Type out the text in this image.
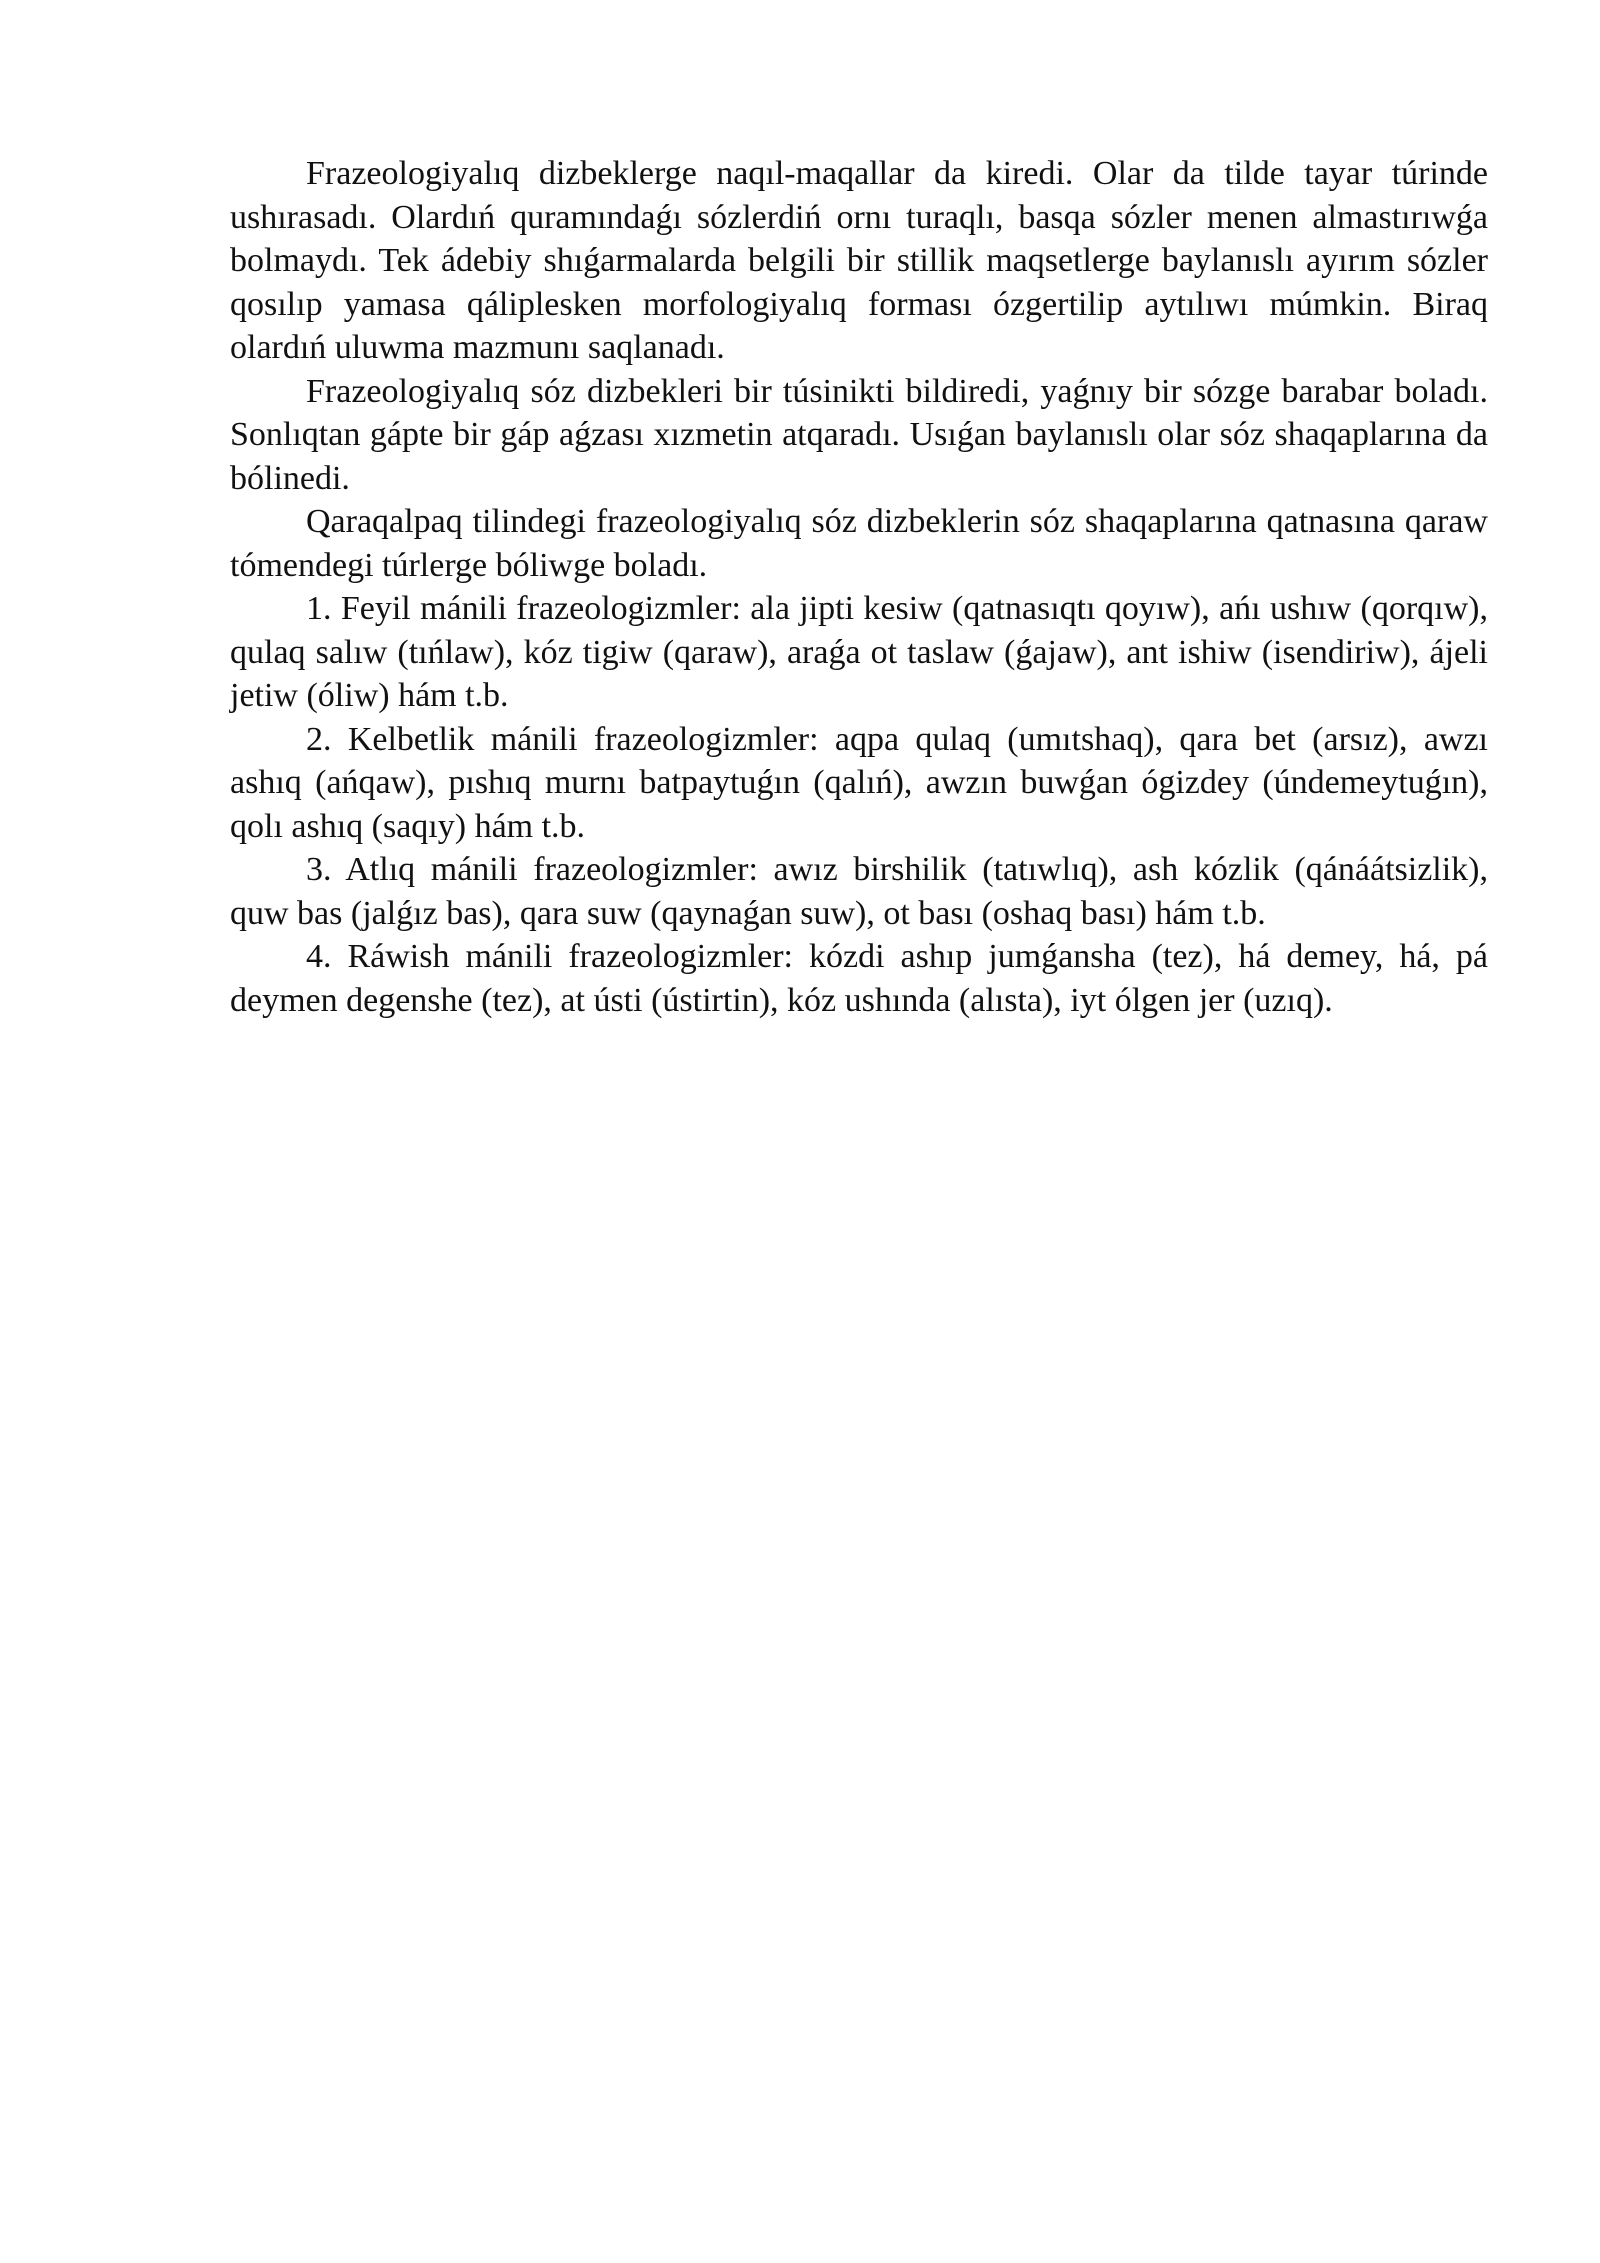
Frazeologiyalıq dizbeklerge naqıl-maqallar da kiredi. Olar da tilde tayar túrinde ushırasadı. Olardıń quramındaǵı sózlerdiń ornı turaqlı, basqa sózler menen almastırıwǵa bolmaydı. Tek ádebiy shıǵarmalarda belgili bir stillik maqsetlerge baylanıslı ayırım sózler qosılıp yamasa qáliplesken morfologiyalıq forması ózgertilip aytılıwı múmkin. Biraq olardıń uluwma mazmunı saqlanadı.

Frazeologiyalıq sóz dizbekleri bir túsinikti bildiredi, yaǵnıy bir sózge barabar boladı. Sonlıqtan gápte bir gáp aǵzası xızmetin atqaradı. Usıǵan baylanıslı olar sóz shaqaplarına da bólinedi.

Qaraqalpaq tilindegi frazeologiyalıq sóz dizbeklerin sóz shaqaplarına qatnasına qaraw tómendegi túrlerge bóliwge boladı.

1. Feyil mánili frazeologizmler: ala jipti kesiw (qatnasıqtı qoyıw), ańı ushıw (qorqıw), qulaq salıw (tıńlaw), kóz tigiw (qaraw), araǵa ot taslaw (ǵajaw), ant ishiw (isendiriw), ájeli jetiw (óliw) hám t.b.

2. Kelbetlik mánili frazeologizmler: aqpa qulaq (umıtshaq), qara bet (arsız), awzı ashıq (ańqaw), pıshıq murnı batpaytuǵın (qalıń), awzın buwǵan ógizdey (úndemeytuǵın), qolı ashıq (saqıy) hám t.b.

3. Atlıq mánili frazeologizmler: awız birshilik (tatıwlıq), ash kózlik (qánáátsizlik), quw bas (jalǵız bas), qara suw (qaynaǵan suw), ot bası (oshaq bası) hám t.b.

4. Ráwish mánili frazeologizmler: kózdi ashıp jumǵansha (tez), há demey, há, pá deymen degenshe (tez), at ústi (ústirtin), kóz ushında (alısta), iyt ólgen jer (uzıq).
